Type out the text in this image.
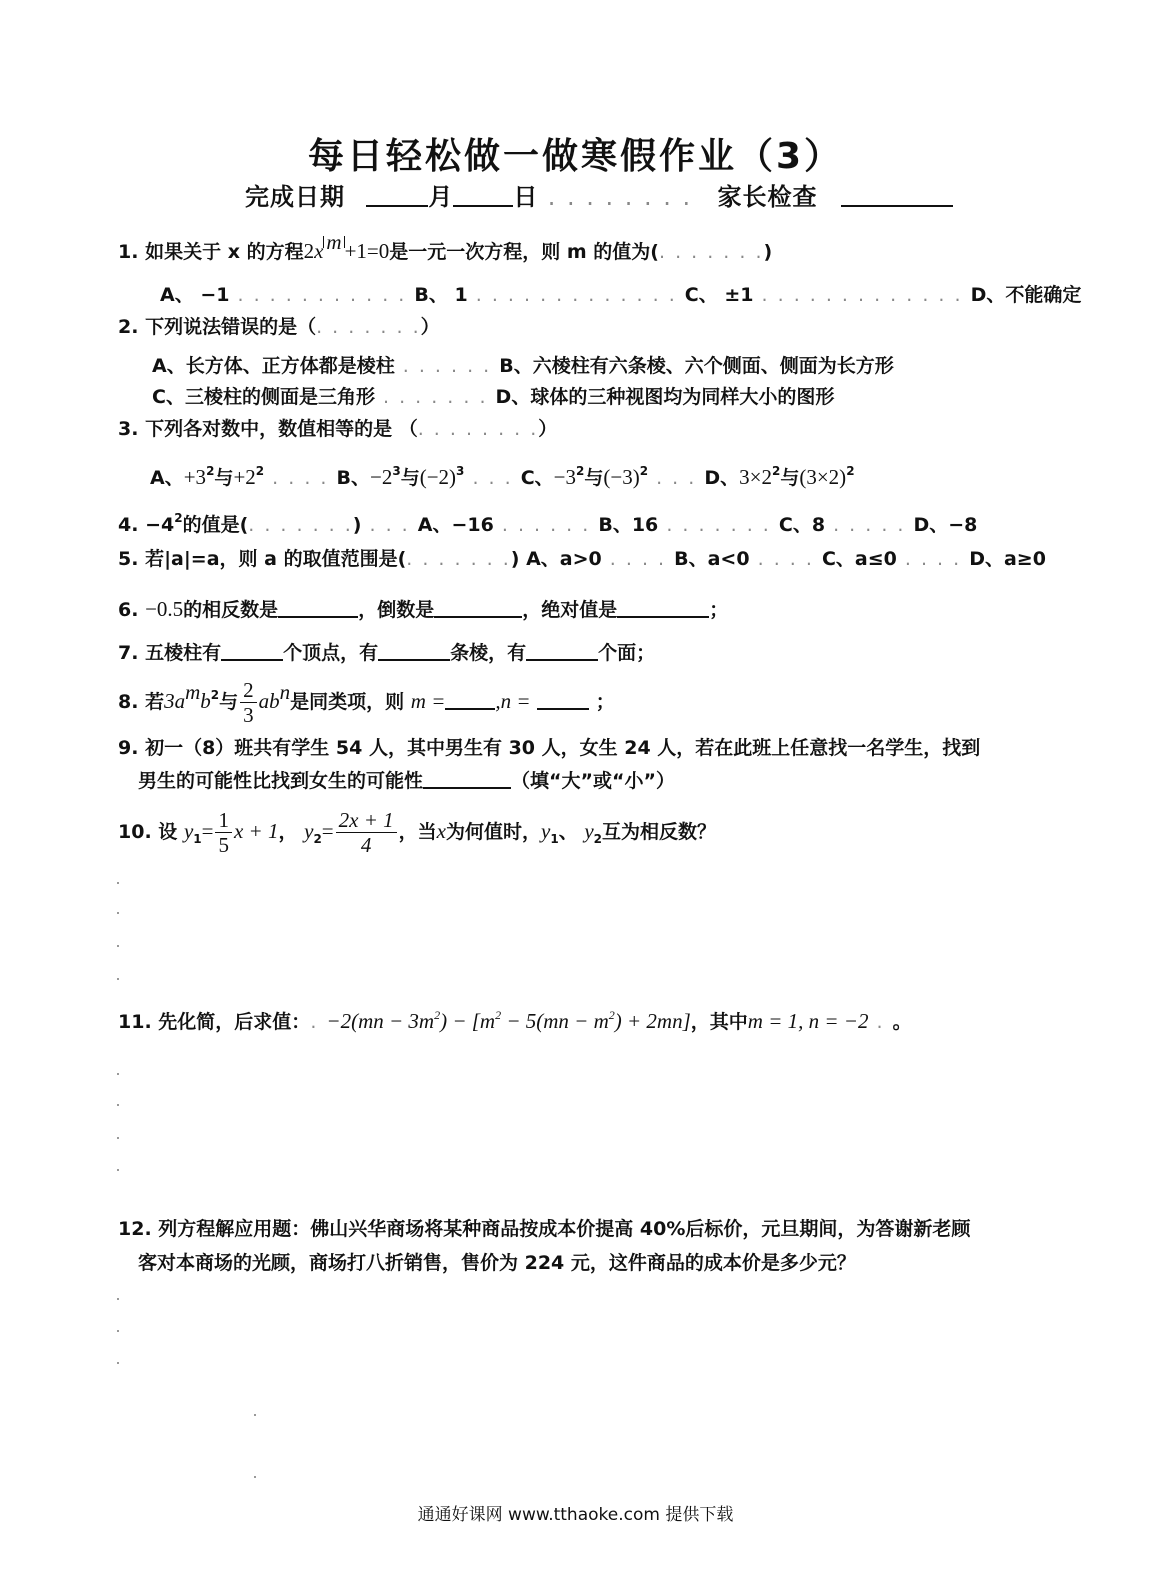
每日轻松做一做寒假作业（3）
完成日期	月	日 . . . . . . . . 家长检查
1. 如果关于 x 的方程2x $^m$ +1=0是一元一次方程，则 m 的值为(. . . . . . .)
A、 −1 . . . . . . . . . . . B、 1 . . . . . . . . . . . . . C、 ±1 . . . . . . . . . . . . . D、不能确定
2. 下列说法错误的是（. . . . . . .）
A、长方体、正方体都是棱柱 . . . . . . B、六棱柱有六条棱、六个侧面、侧面为长方形
C、三棱柱的侧面是三角形 . . . . . . . D、球体的三种视图均为同样大小的图形
3. 下列各对数中，数值相等的是 （. . . . . . . .）
A、$+3^2$与$+2^2$ . . . . B、$-2^3$与$(-2)^3$ . . . C、$-3^2$与$(-3)^2$ . . . D、$3\times 2^2$与$(3\times 2)^2$
4. $-4^2$的值是(. . . . . . .) . . . A、−16 . . . . . . B、16 . . . . . . . C、8 . . . . . D、−8
5. 若|a|=a，则 a 的取值范围是(. . . . . . .) A、a>0 . . . . B、a<0 . . . . C、a≤0 . . . . D、a≥0
6. −0.5的相反数是	，倒数是	，绝对值是	；
7. 五棱柱有	个顶点，有	条棱，有	个面；
8. 若$3a^mb^2$与 $\frac{2}{3} ab^n$是同类项，则 m = ,n =	；
9. 初一（8）班共有学生 54 人，其中男生有 30 人，女生 24 人，若在此班上任意找一名学生，找到
男生的可能性比找到女生的可能性	（填“大”或“小”）
10. 设 $y_1= \frac{1}{5}$ x + 1， $y_2= \frac{2x + 1}{4}$ ，当x为何值时，$y_1$、 $y_2$互为相反数？
11. 先化简，后求值：. $-2(mn - 3m^2) - [m^2 - 5(mn - m^2) + 2mn]$，其中m = 1, n = −2 . 。
12. 列方程解应用题：佛山兴华商场将某种商品按成本价提高 40%后标价，元旦期间，为答谢新老顾
客对本商场的光顾，商场打八折销售，售价为 224 元，这件商品的成本价是多少元？
通通好课网 www.tthaoke.com 提供下载
